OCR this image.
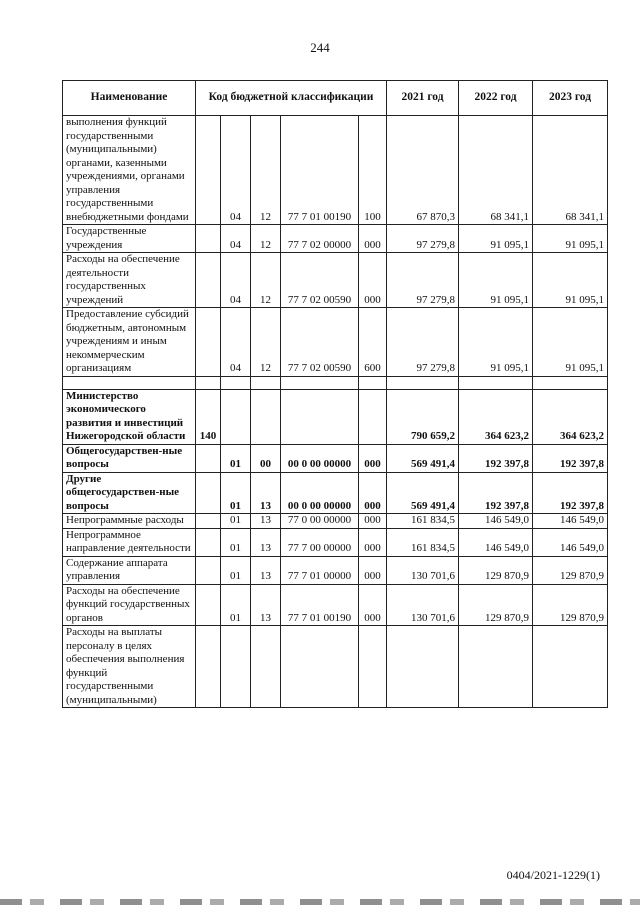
244
Наименование	Код бюджетной классификации					2021 год	2022 год	2023 год
выполнения функций государственными (муниципальными) органами, казенными учреждениями, органами управления государственными внебюджетными фондами		04	12	77 7 01 00190	100	67 870,3	68 341,1	68 341,1
Государственные учреждения		04	12	77 7 02 00000	000	97 279,8	91 095,1	91 095,1
Расходы на обеспечение деятельности государственных учреждений		04	12	77 7 02 00590	000	97 279,8	91 095,1	91 095,1
Предоставление субсидий бюджетным, автономным учреждениям и иным некоммерческим организациям		04	12	77 7 02 00590	600	97 279,8	91 095,1	91 095,1

Министерство экономического развития и инвестиций Нижегородской области	140					790 659,2	364 623,2	364 623,2
Общегосударствен-ные вопросы		01	00	00 0 00 00000	000	569 491,4	192 397,8	192 397,8
Другие общегосударствен-ные вопросы		01	13	00 0 00 00000	000	569 491,4	192 397,8	192 397,8
Непрограммные расходы		01	13	77 0 00 00000	000	161 834,5	146 549,0	146 549,0
Непрограммное направление деятельности		01	13	77 7 00 00000	000	161 834,5	146 549,0	146 549,0
Содержание аппарата управления		01	13	77 7 01 00000	000	130 701,6	129 870,9	129 870,9
Расходы на обеспечение функций государственных органов		01	13	77 7 01 00190	000	130 701,6	129 870,9	129 870,9
Расходы на выплаты персоналу в целях обеспечения выполнения функций государственными (муниципальными)								
0404/2021-1229(1)
